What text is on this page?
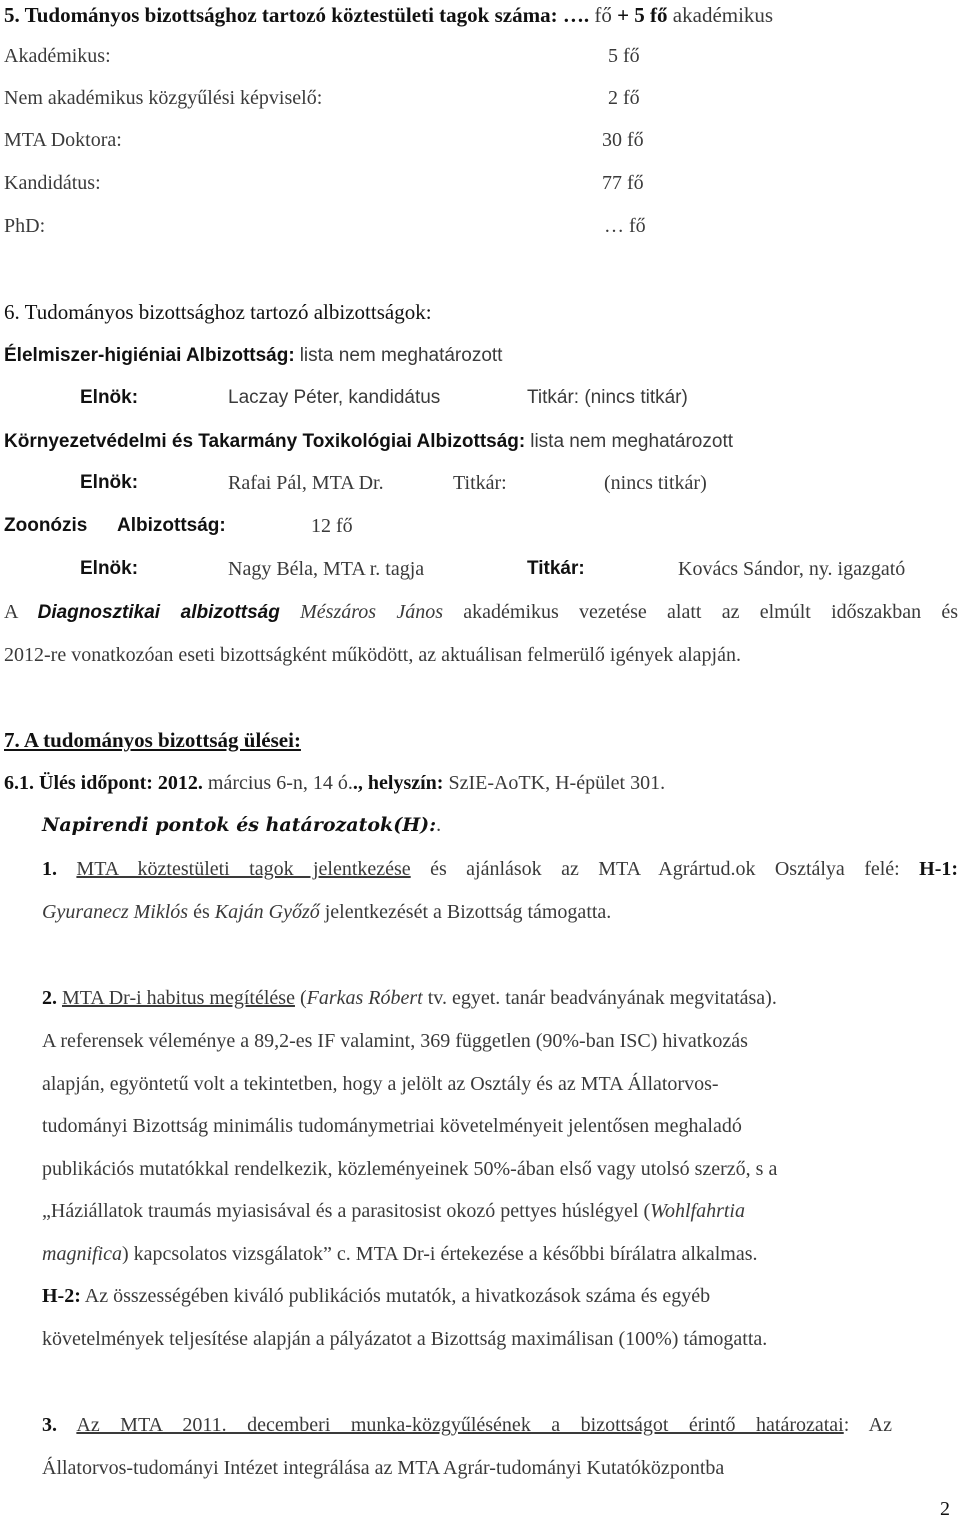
5. Tudományos bizottsághoz tartozó köztestületi tagok száma: …. fő + 5 fő akadémikus
Akadémikus:	5 fő
Nem akadémikus közgyűlési képviselő:	2 fő
MTA Doktora:	30 fő
Kandidátus:	77 fő
PhD:	… fő
6. Tudományos bizottsághoz tartozó albizottságok:
Élelmiszer-higiéniai Albizottság: lista nem meghatározott
Elnök:	Laczay Péter, kandidátus	Titkár: (nincs titkár)
Környezetvédelmi és Takarmány Toxikológiai Albizottság: lista nem meghatározott
Elnök:	Rafai Pál, MTA Dr.	Titkár:	(nincs titkár)
Zoonózis Albizottság:	12 fő
Elnök:	Nagy Béla, MTA r. tagja	Titkár:	Kovács Sándor, ny. igazgató
A Diagnosztikai albizottság Mészáros János akadémikus vezetése alatt az elmúlt időszakban és
2012-re vonatkozóan eseti bizottságként működött, az aktuálisan felmerülő igények alapján.
7. A tudományos bizottság ülései:
6.1. Ülés időpont: 2012. március 6-n, 14 ó.., helyszín: SzIE-AoTK, H-épület 301.
Napirendi pontok és határozatok(H):.
1. MTA köztestületi tagok jelentkezése és ajánlások az MTA Agrártud.ok Osztálya felé: H-1:
Gyuranecz Miklós és Kaján Győző jelentkezését a Bizottság támogatta.
2. MTA Dr-i habitus megítélése (Farkas Róbert tv. egyet. tanár beadványának megvitatása).
A referensek véleménye a 89,2-es IF valamint, 369 független (90%-ban ISC) hivatkozás
alapján, egyöntetű volt a tekintetben, hogy a jelölt az Osztály és az MTA Állatorvos-
tudományi Bizottság minimális tudománymetriai követelményeit jelentősen meghaladó
publikációs mutatókkal rendelkezik, közleményeinek 50%-ában első vagy utolsó szerző, s a
„Háziállatok traumás myiasisával és a parasitosist okozó pettyes húslégyel (Wohlfahrtia
magnifica) kapcsolatos vizsgálatok” c. MTA Dr-i értekezése a későbbi bírálatra alkalmas.
H-2: Az összességében kiváló publikációs mutatók, a hivatkozások száma és egyéb
követelmények teljesítése alapján a pályázatot a Bizottság maximálisan (100%) támogatta.
3. Az MTA 2011. decemberi munka-közgyűlésének a bizottságot érintő határozatai: Az
Állatorvos-tudományi Intézet integrálása az MTA Agrár-tudományi Kutatóközpontba
2
